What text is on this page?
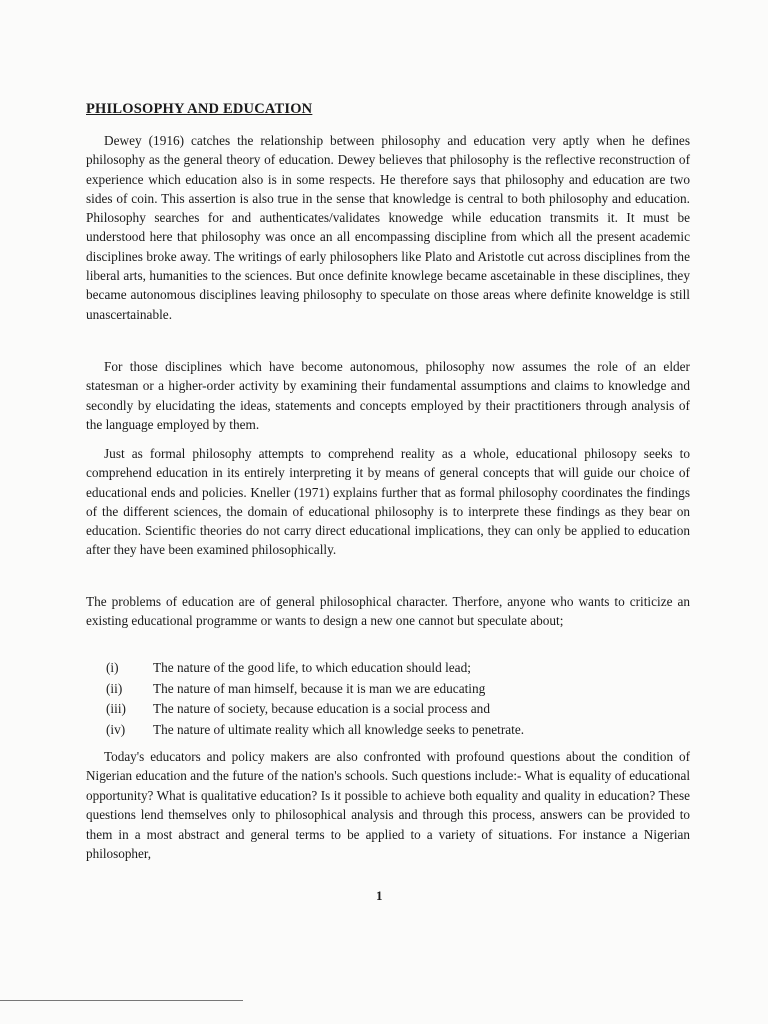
PHILOSOPHY AND EDUCATION

Dewey (1916) catches the relationship between philosophy and education very aptly when he defines philosophy as the general theory of education. Dewey believes that philosophy is the reflective reconstruction of experience which education also is in some respects. He therefore says that philosophy and education are two sides of coin. This assertion is also true in the sense that knowledge is central to both philosophy and education. Philosophy searches for and authenticates/validates knowedge while education transmits it. It must be understood here that philosophy was once an all encompassing discipline from which all the present academic disciplines broke away. The writings of early philosophers like Plato and Aristotle cut across disciplines from the liberal arts, humanities to the sciences. But once definite knowlege became ascetainable in these disciplines, they became autonomous disciplines leaving philosophy to speculate on those areas where definite knoweldge is still unascertainable.

For those disciplines which have become autonomous, philosophy now assumes the role of an elder statesman or a higher-order activity by examining their fundamental assumptions and claims to knowledge and secondly by elucidating the ideas, statements and concepts employed by their practitioners through analysis of the language employed by them.

Just as formal philosophy attempts to comprehend reality as a whole, educational philosopy seeks to comprehend education in its entirely interpreting it by means of general concepts that will guide our choice of educational ends and policies. Kneller (1971) explains further that as formal philosophy coordinates the findings of the different sciences, the domain of educational philosophy is to interprete these findings as they bear on education. Scientific theories do not carry direct educational implications, they can only be applied to education after they have been examined philosophically.

The problems of education are of general philosophical character. Therfore, anyone who wants to criticize an existing educational programme or wants to design a new one cannot but speculate about;

(i)	The nature of the good life, to which education should lead;
(ii)	The nature of man himself, because it is man we are educating
(iii)	The nature of society, because education is a social process and
(iv)	The nature of ultimate reality which all knowledge seeks to penetrate.

Today's educators and policy makers are also confronted with profound questions about the condition of Nigerian education and the future of the nation's schools. Such questions include:- What is equality of educational opportunity? What is qualitative education? Is it possible to achieve both equality and quality in education? These questions lend themselves only to philosophical analysis and through this process, answers can be provided to them in a most abstract and general terms to be applied to a variety of situations. For instance a Nigerian philosopher,

1
